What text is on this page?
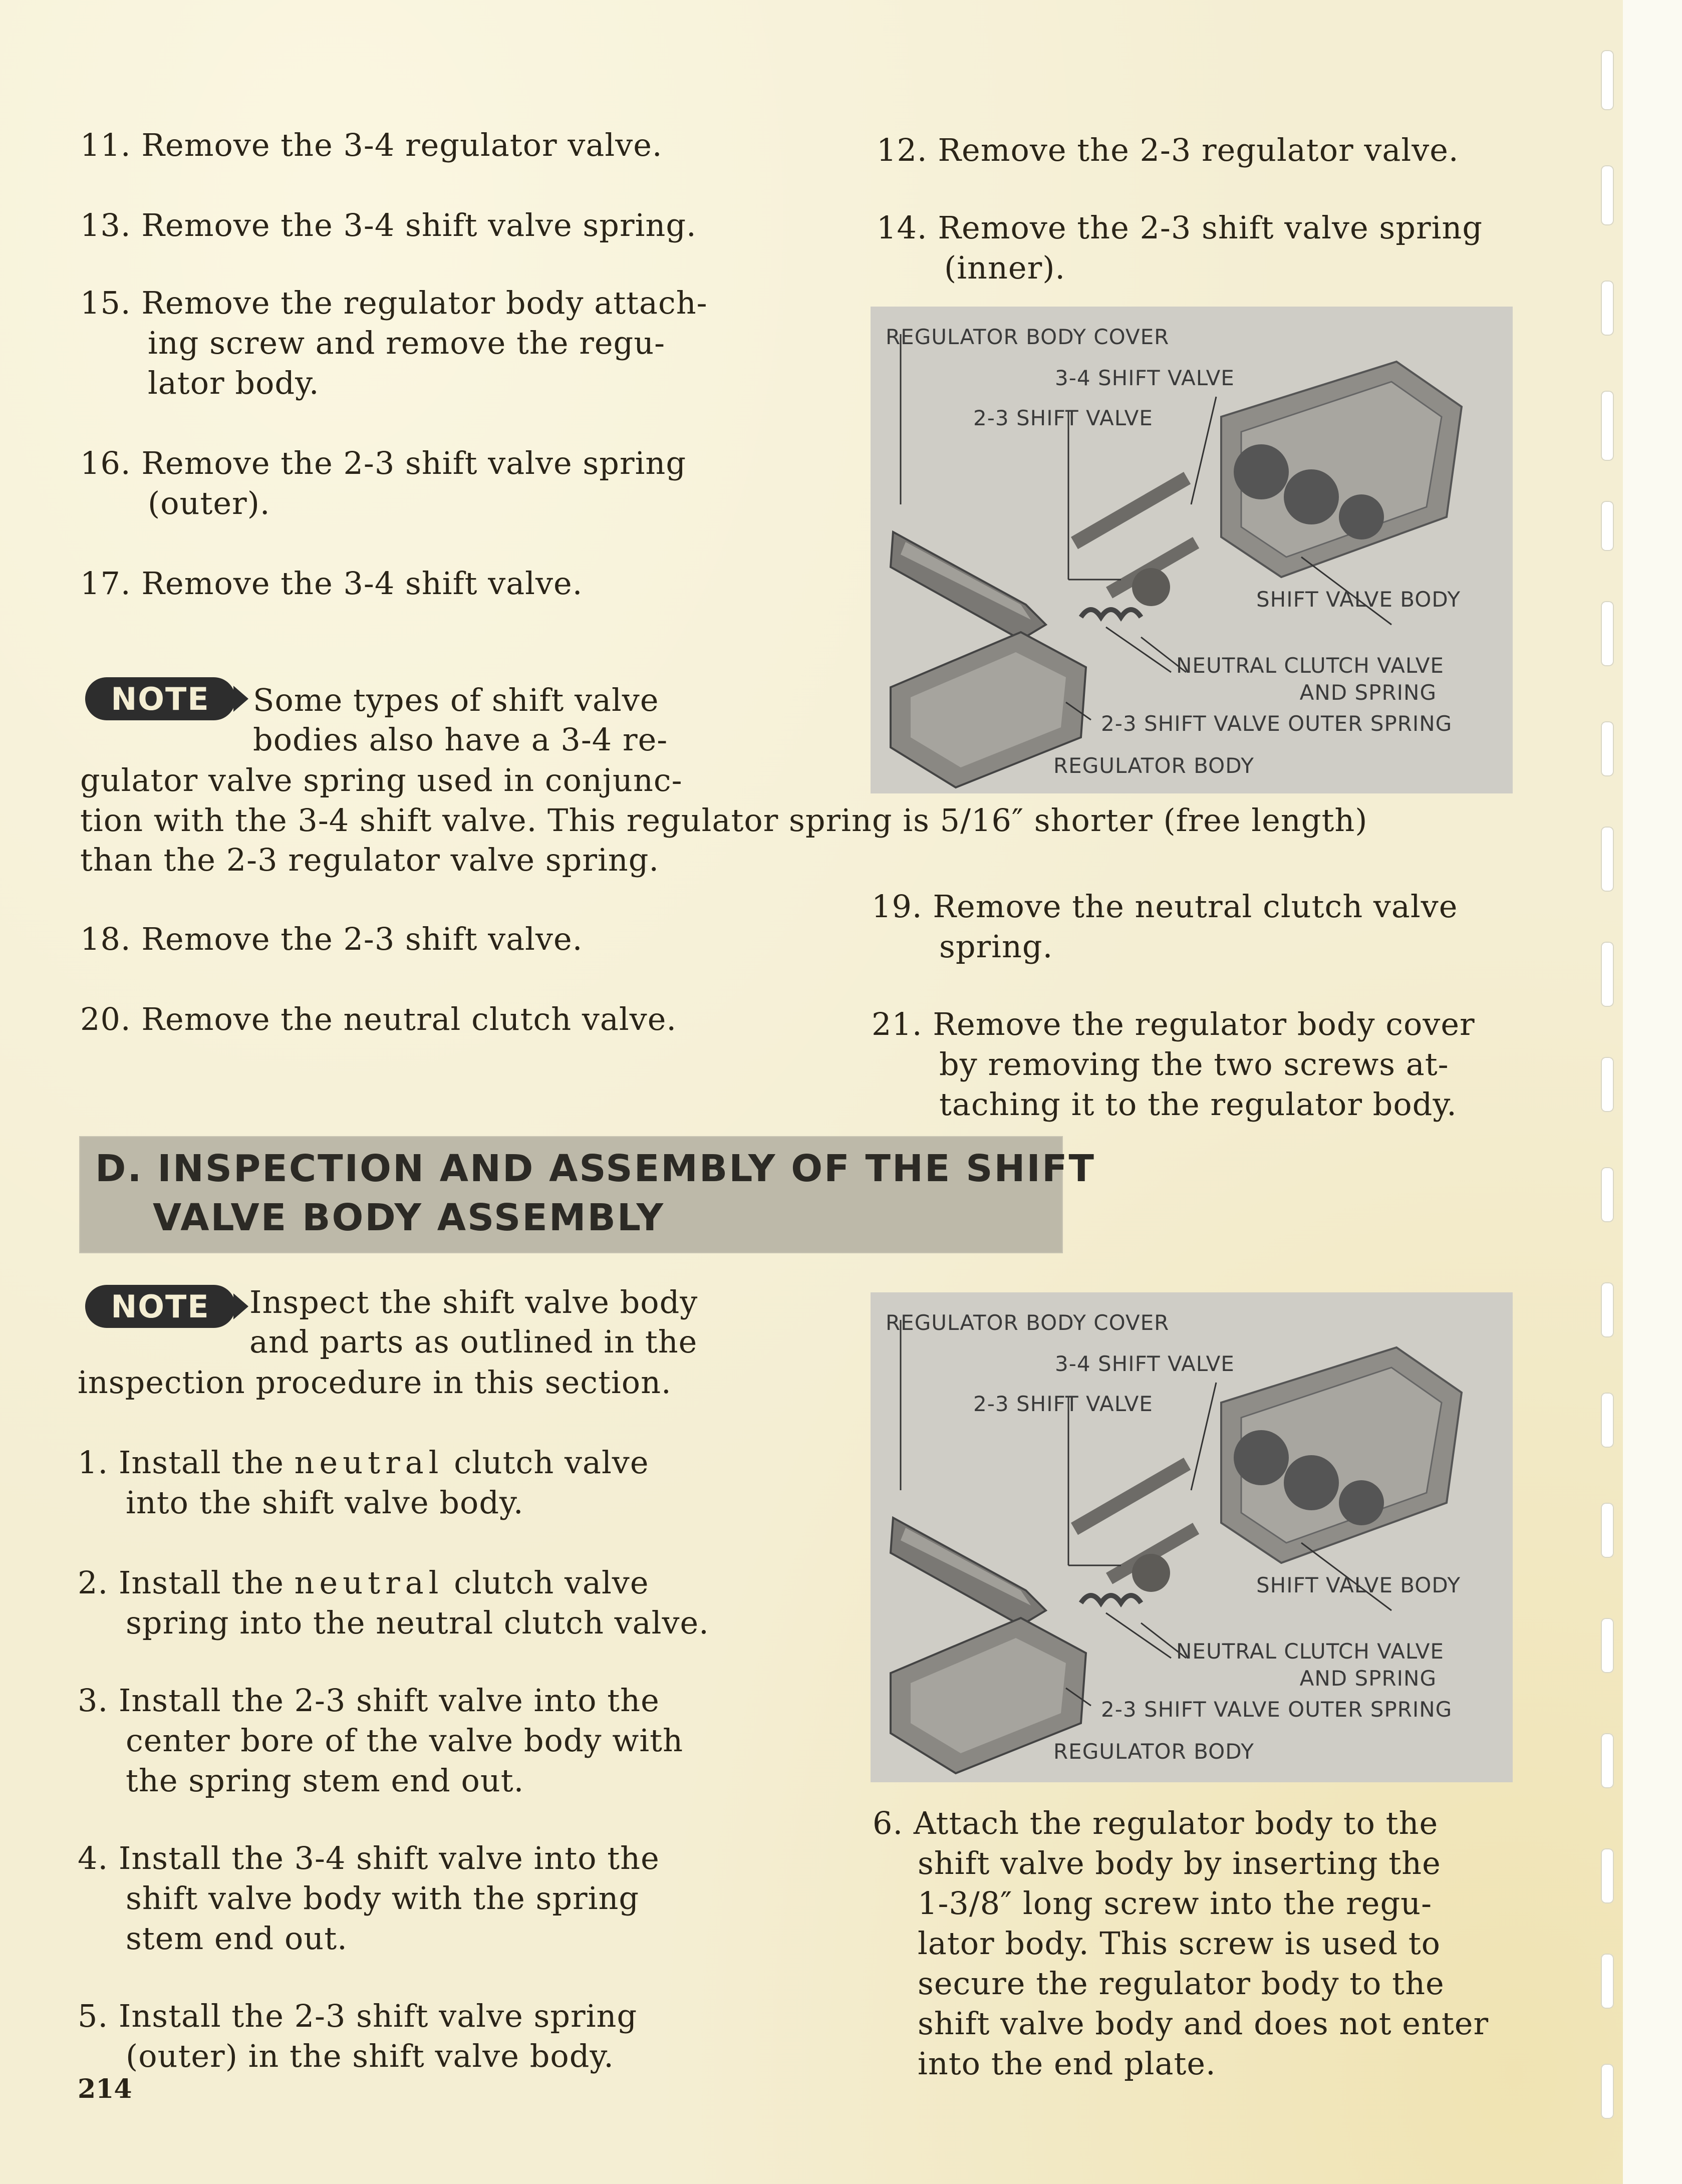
11. Remove the 3-4 regulator valve.	12. Remove the 2-3 regulator valve.

13. Remove the 3-4 shift valve spring.	14. Remove the 2-3 shift valve spring
(inner).

15. Remove the regulator body attach-
ing screw and remove the regu-
lator body.

16. Remove the 2-3 shift valve spring
(outer).

17. Remove the 3-4 shift valve.

NOTE	Some types of shift valve
bodies also have a 3-4 re-

gulator valve spring used in conjunc-

tion with the 3-4 shift valve. This regulator spring is 5/16″ shorter (free length)
than the 2-3 regulator valve spring.

REGULATOR BODY COVER
3-4 SHIFT VALVE
2-3 SHIFT VALVE
SHIFT VALVE BODY
NEUTRAL CLUTCH VALVE
AND SPRING
2-3 SHIFT VALVE OUTER SPRING
REGULATOR BODY

18. Remove the 2-3 shift valve.

19. Remove the neutral clutch valve
spring.

20. Remove the neutral clutch valve.	21. Remove the regulator body cover
by removing the two screws at-
taching it to the regulator body.

D. INSPECTION AND ASSEMBLY OF THE SHIFT
VALVE BODY ASSEMBLY
NOTE	Inspect the shift valve body
and parts as outlined in the

inspection procedure in this section.

1. Install the neutral clutch valve
into the shift valve body.

2. Install the neutral clutch valve
spring into the neutral clutch valve.

3. Install the 2-3 shift valve into the
center bore of the valve body with
the spring stem end out.

4. Install the 3-4 shift valve into the
shift valve body with the spring
stem end out.

5. Install the 2-3 shift valve spring
(outer) in the shift valve body.

REGULATOR BODY COVER
3-4 SHIFT VALVE
2-3 SHIFT VALVE
SHIFT VALVE BODY
NEUTRAL CLUTCH VALVE
AND SPRING
2-3 SHIFT VALVE OUTER SPRING
REGULATOR BODY

6. Attach the regulator body to the
shift valve body by inserting the
1-3/8″ long screw into the regu-
lator body. This screw is used to
secure the regulator body to the
shift valve body and does not enter
into the end plate.

214
